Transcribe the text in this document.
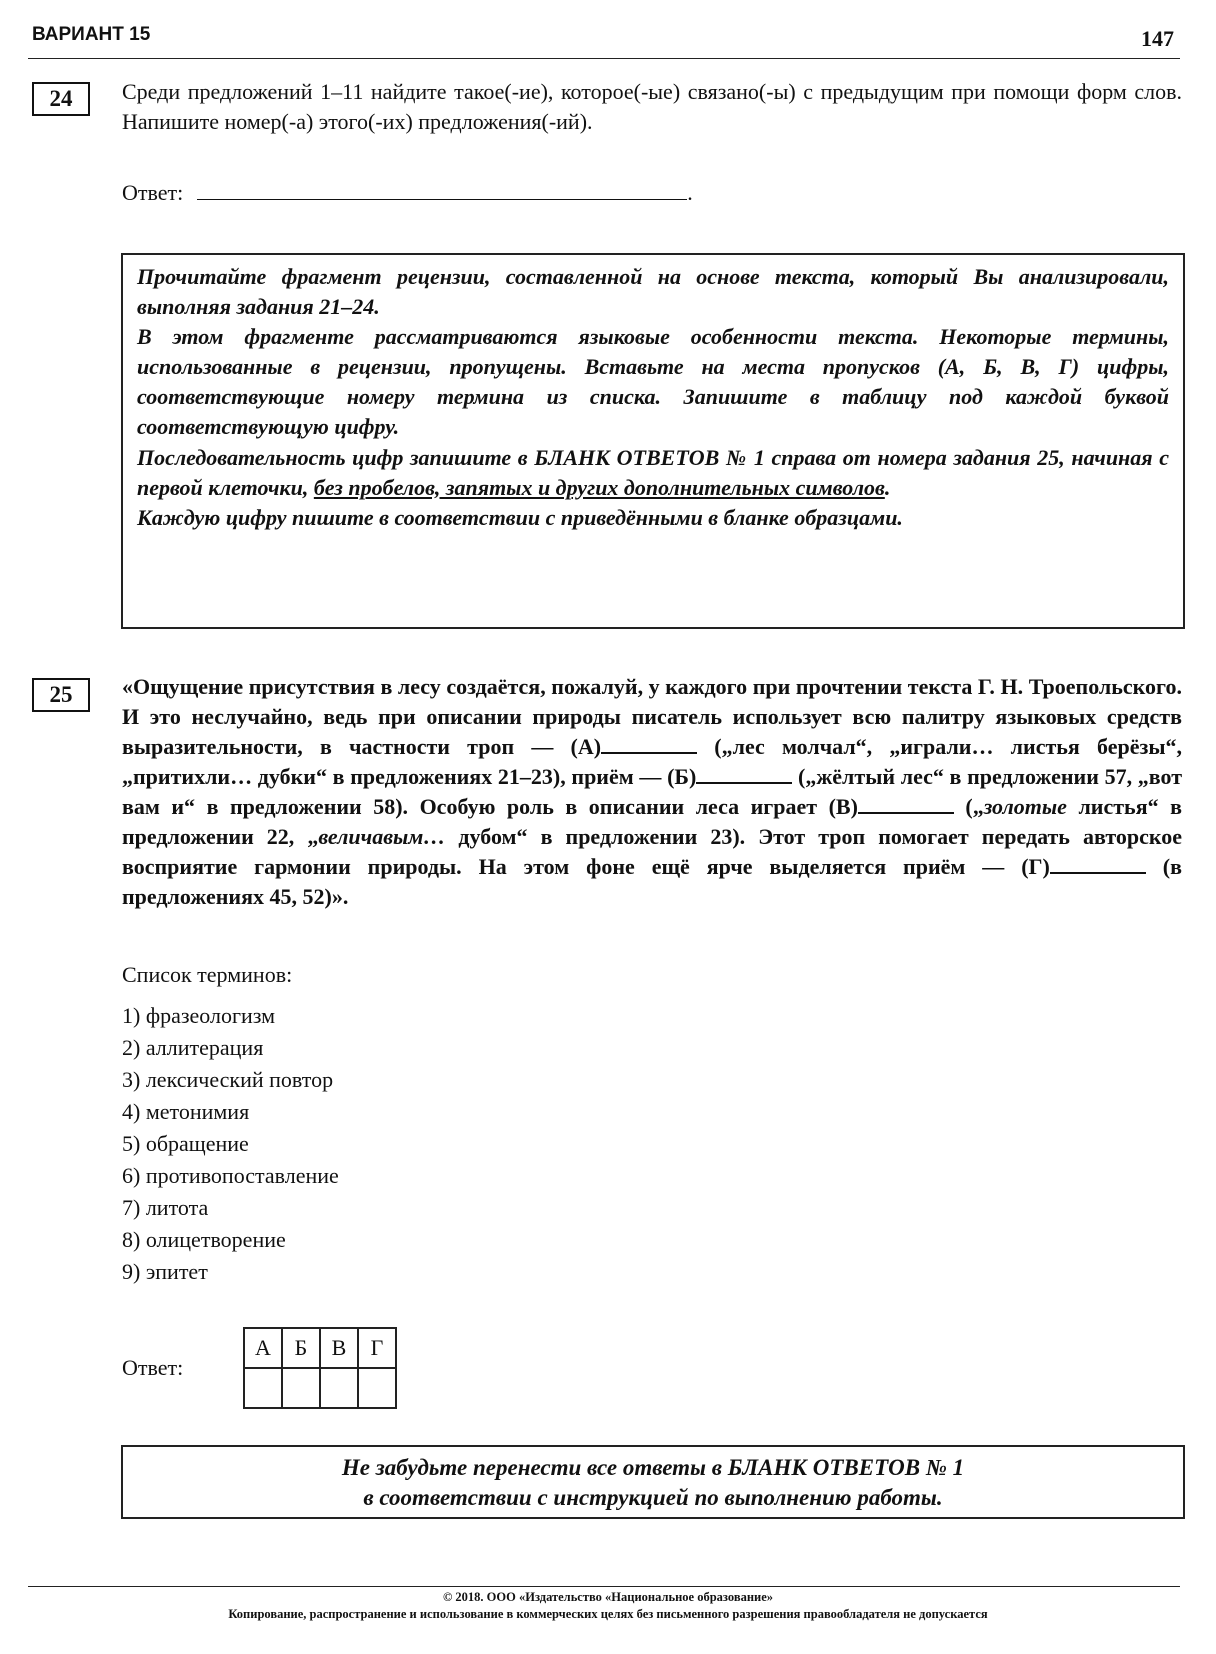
ВАРИАНТ 15	147
24	Среди предложений 1–11 найдите такое(-ие), которое(-ые) связано(-ы) с предыдущим при помощи форм слов. Напишите номер(-а) этого(-их) предложения(-ий).
Ответ:	.

Прочитайте фрагмент рецензии, составленной на основе текста, который Вы анализировали, выполняя задания 21–24.

В этом фрагменте рассматриваются языковые особенности текста. Некоторые термины, использованные в рецензии, пропущены. Вставьте на места пропусков (А, Б, В, Г) цифры, соответствующие номеру термина из списка. Запишите в таблицу под каждой буквой соответствующую цифру.

Последовательность цифр запишите в БЛАНК ОТВЕТОВ № 1 справа от номера задания 25, начиная с первой клеточки, без пробелов, запятых и других дополнительных символов.

Каждую цифру пишите в соответствии с приведёнными в бланке образцами.

25	«Ощущение присутствия в лесу создаётся, пожалуй, у каждого при прочтении текста Г. Н. Троепольского. И это неслучайно, ведь при описании природы писатель использует всю палитру языковых средств выразительности, в частности троп — (А)	(„лес молчал“, „играли… листья берёзы“, „притихли… дубки“ в предложениях 21–23), приём — (Б)	(„жёлтый лес“ в предложении 57, „вот вам и“ в предложении 58). Особую роль в описании леса играет (В)	(„золотые листья“ в предложении 22, „величавым… дубом“ в предложении 23). Этот троп помогает передать авторское восприятие гармонии природы. На этом фоне ещё ярче выделяется приём — (Г)	(в предложениях 45, 52)».
Список терминов:
1) фразеологизм
2) аллитерация
3) лексический повтор
4) метонимия
5) обращение
6) противопоставление
7) литота
8) олицетворение
9) эпитет
Ответ:
А	Б	В	Г

Не забудьте перенести все ответы в БЛАНК ОТВЕТОВ № 1
в соответствии с инструкцией по выполнению работы.
© 2018. ООО «Издательство «Национальное образование»
Копирование, распространение и использование в коммерческих целях без письменного разрешения правообладателя не допускается
